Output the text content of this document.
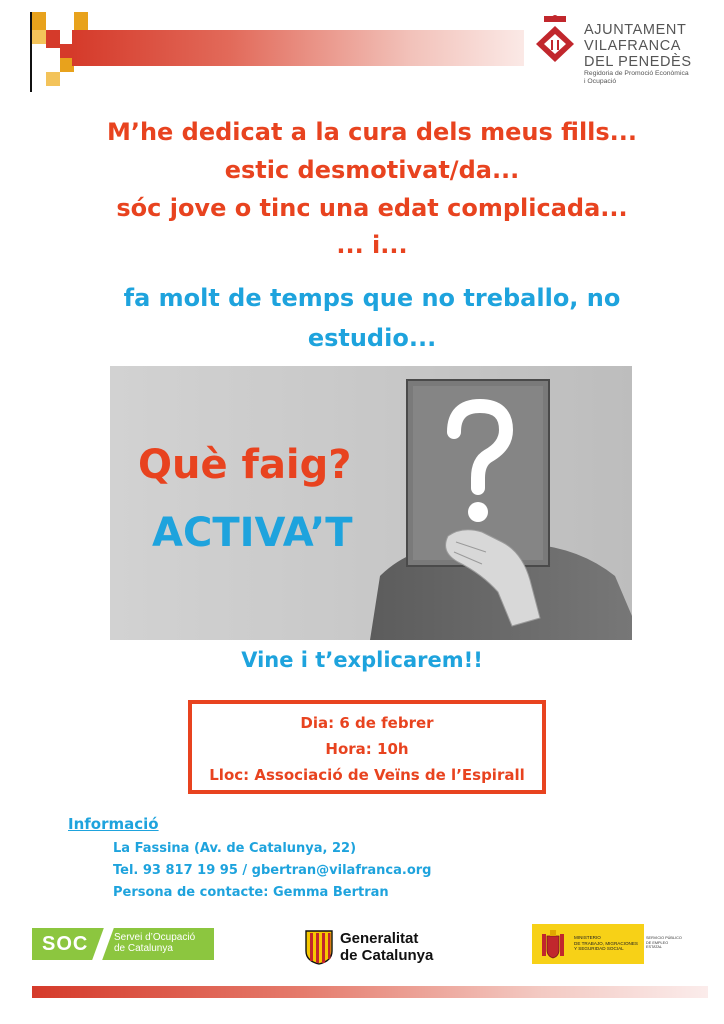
AJUNTAMENT
VILAFRANCA
DEL PENEDÈS
Regidoria de Promoció Econòmica
i Ocupació
M’he dedicat a la cura dels meus fills...
estic desmotivat/da...
sóc jove o tinc una edat complicada...
... i...
fa molt de temps que no treballo, no
estudio...
Què faig?
ACTIVA’T
Vine i t’explicarem!!
Dia: 6 de febrer
Hora: 10h
Lloc: Associació de Veïns de l’Espirall
Informació
La Fassina (Av. de Catalunya, 22)
Tel. 93 817 19 95 / gbertran@vilafranca.org
Persona de contacte: Gemma Bertran
SOC	Servei d’Ocupació
de Catalunya
Generalitat
de Catalunya
MINISTERIO
DE TRABAJO, MIGRACIONES
Y SEGURIDAD SOCIAL
SERVICIO PÚBLICO
DE EMPLEO ESTATAL
